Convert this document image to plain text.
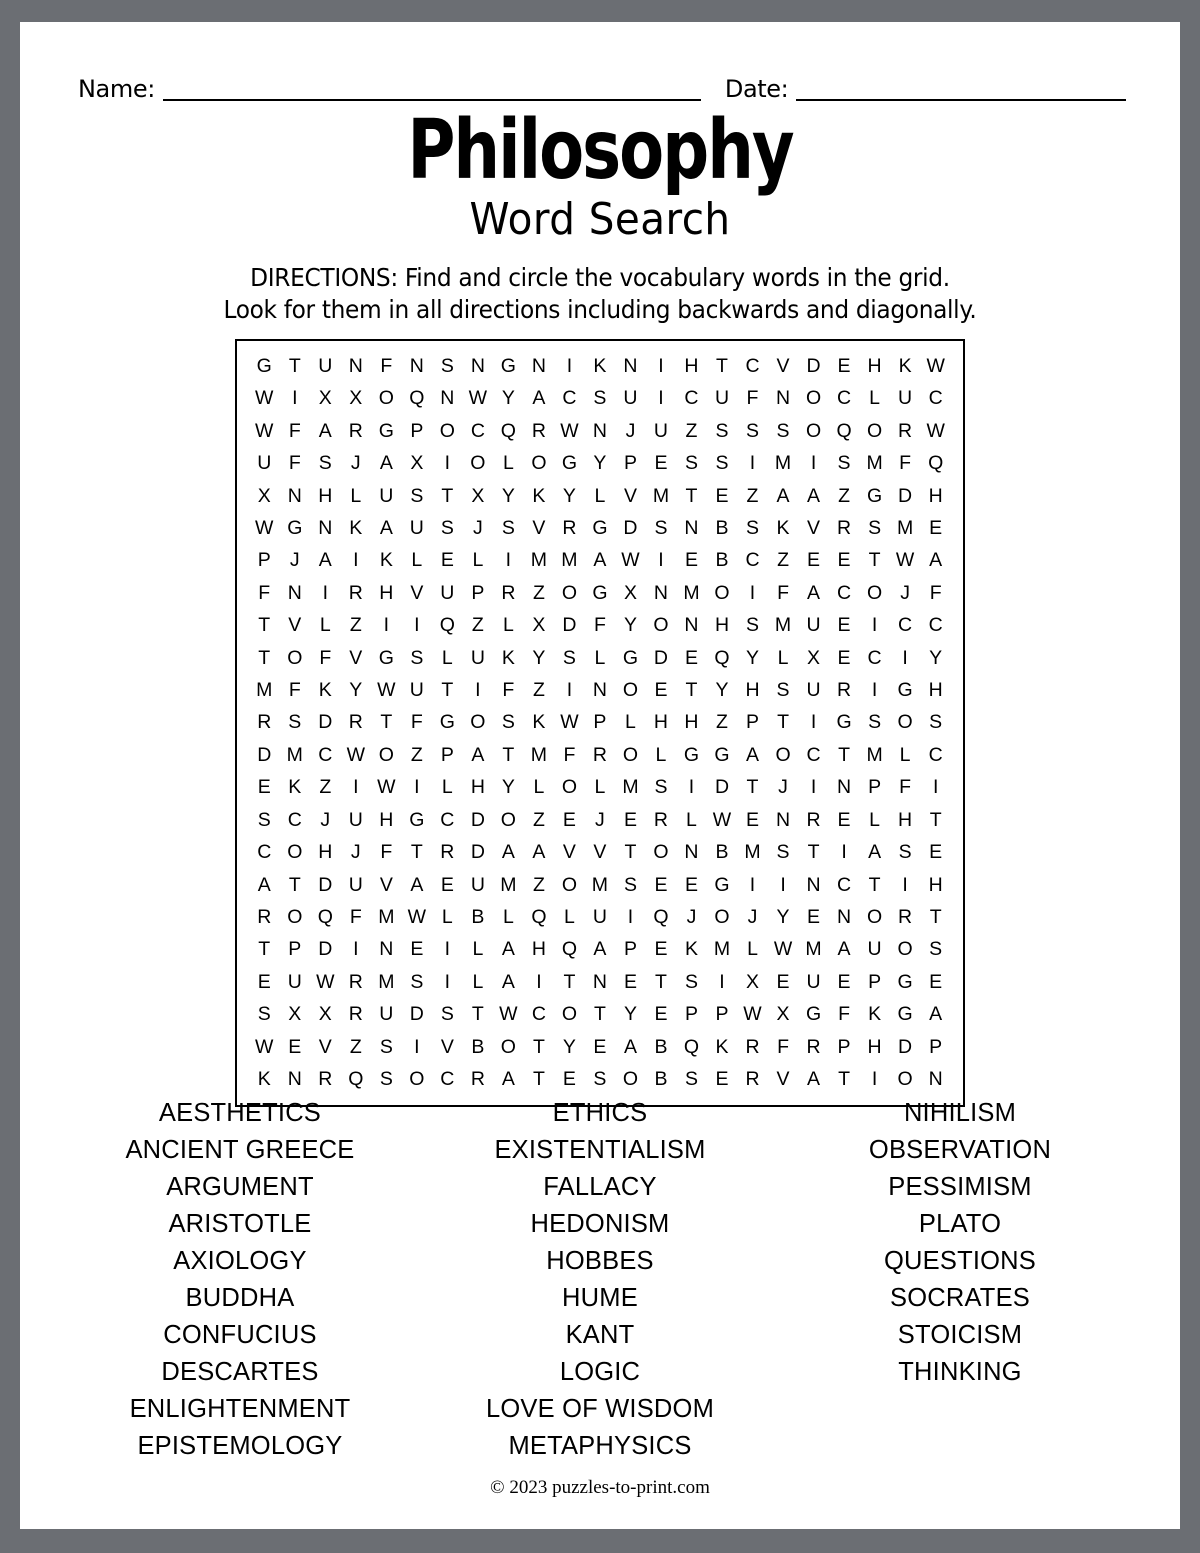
Name:	Date:
Philosophy
Word Search
DIRECTIONS: Find and circle the vocabulary words in the grid.
Look for them in all directions including backwards and diagonally.
G	T	U	N	F	N	S	N	G	N	I	K	N	I	H	T	C	V	D	E	H	K	W
W	I	X	X	O	Q	N	W	Y	A	C	S	U	I	C	U	F	N	O	C	L	U	C
W	F	A	R	G	P	O	C	Q	R	W	N	J	U	Z	S	S	S	O	Q	O	R	W
U	F	S	J	A	X	I	O	L	O	G	Y	P	E	S	S	I	M	I	S	M	F	Q
X	N	H	L	U	S	T	X	Y	K	Y	L	V	M	T	E	Z	A	A	Z	G	D	H
W	G	N	K	A	U	S	J	S	V	R	G	D	S	N	B	S	K	V	R	S	M	E
P	J	A	I	K	L	E	L	I	M	M	A	W	I	E	B	C	Z	E	E	T	W	A
F	N	I	R	H	V	U	P	R	Z	O	G	X	N	M	O	I	F	A	C	O	J	F
T	V	L	Z	I	I	Q	Z	L	X	D	F	Y	O	N	H	S	M	U	E	I	C	C
T	O	F	V	G	S	L	U	K	Y	S	L	G	D	E	Q	Y	L	X	E	C	I	Y
M	F	K	Y	W	U	T	I	F	Z	I	N	O	E	T	Y	H	S	U	R	I	G	H
R	S	D	R	T	F	G	O	S	K	W	P	L	H	H	Z	P	T	I	G	S	O	S
D	M	C	W	O	Z	P	A	T	M	F	R	O	L	G	G	A	O	C	T	M	L	C
E	K	Z	I	W	I	L	H	Y	L	O	L	M	S	I	D	T	J	I	N	P	F	I
S	C	J	U	H	G	C	D	O	Z	E	J	E	R	L	W	E	N	R	E	L	H	T
C	O	H	J	F	T	R	D	A	A	V	V	T	O	N	B	M	S	T	I	A	S	E
A	T	D	U	V	A	E	U	M	Z	O	M	S	E	E	G	I	I	N	C	T	I	H
R	O	Q	F	M	W	L	B	L	Q	L	U	I	Q	J	O	J	Y	E	N	O	R	T
T	P	D	I	N	E	I	L	A	H	Q	A	P	E	K	M	L	W	M	A	U	O	S
E	U	W	R	M	S	I	L	A	I	T	N	E	T	S	I	X	E	U	E	P	G	E
S	X	X	R	U	D	S	T	W	C	O	T	Y	E	P	P	W	X	G	F	K	G	A
W	E	V	Z	S	I	V	B	O	T	Y	E	A	B	Q	K	R	F	R	P	H	D	P
K	N	R	Q	S	O	C	R	A	T	E	S	O	B	S	E	R	V	A	T	I	O	N
AESTHETICS
ANCIENT GREECE
ARGUMENT
ARISTOTLE
AXIOLOGY
BUDDHA
CONFUCIUS
DESCARTES
ENLIGHTENMENT
EPISTEMOLOGY
ETHICS
EXISTENTIALISM
FALLACY
HEDONISM
HOBBES
HUME
KANT
LOGIC
LOVE OF WISDOM
METAPHYSICS
NIHILISM
OBSERVATION
PESSIMISM
PLATO
QUESTIONS
SOCRATES
STOICISM
THINKING
© 2023 puzzles-to-print.com
